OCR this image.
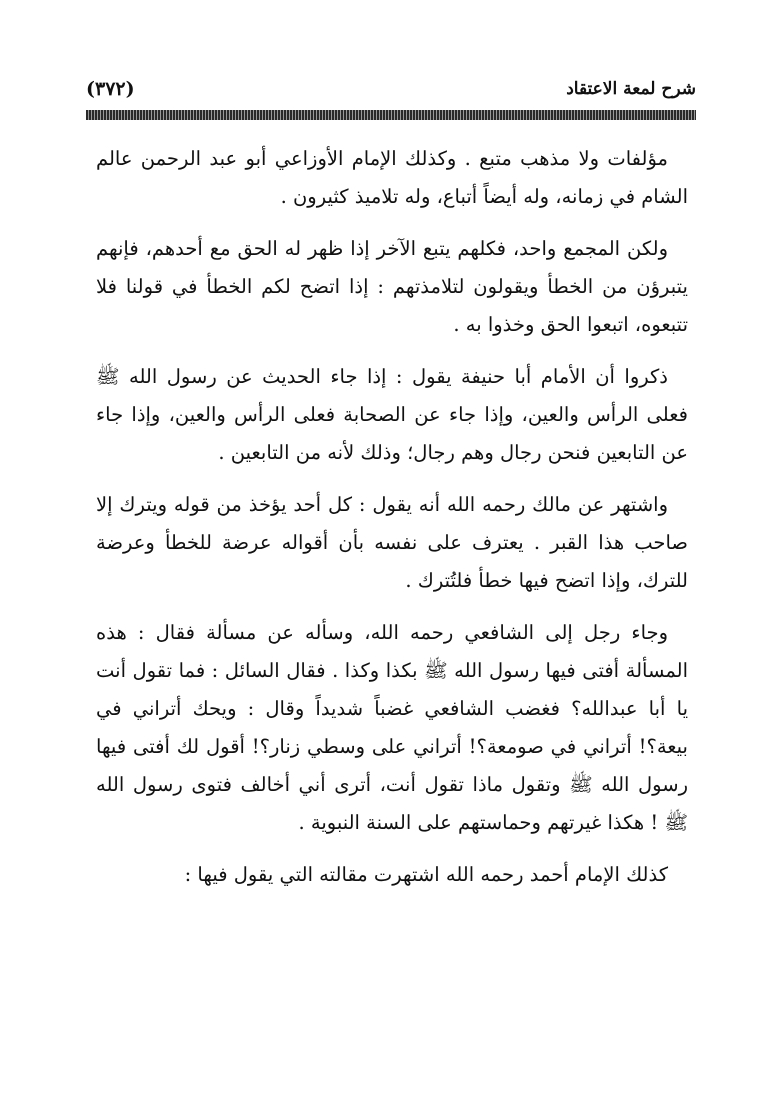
(٣٧٢)	شرح لمعة الاعتقاد

مؤلفات ولا مذهب متبع . وكذلك الإمام الأوزاعي أبو عبد الرحمن عالم الشام في زمانه، وله أيضاً أتباع، وله تلاميذ كثيرون .

ولكن المجمع واحد، فكلهم يتبع الآخر إذا ظهر له الحق مع أحدهم، فإنهم يتبرؤن من الخطأ ويقولون لتلامذتهم : إذا اتضح لكم الخطأ في قولنا فلا تتبعوه، اتبعوا الحق وخذوا به .

ذكروا أن الأمام أبا حنيفة يقول : إذا جاء الحديث عن رسول الله ﷺ فعلى الرأس والعين، وإذا جاء عن الصحابة فعلى الرأس والعين، وإذا جاء عن التابعين فنحن رجال وهم رجال؛ وذلك لأنه من التابعين .

واشتهر عن مالك رحمه الله أنه يقول : كل أحد يؤخذ من قوله ويترك إلا صاحب هذا القبر . يعترف على نفسه بأن أقواله عرضة للخطأ وعرضة للترك، وإذا اتضح فيها خطأ فلتُترك .

وجاء رجل إلى الشافعي رحمه الله، وسأله عن مسألة فقال : هذه المسألة أفتى فيها رسول الله ﷺ بكذا وكذا . فقال السائل : فما تقول أنت يا أبا عبدالله؟ فغضب الشافعي غضباً شديداً وقال : ويحك أتراني في بيعة؟! أتراني في صومعة؟! أتراني على وسطي زنار؟! أقول لك أفتى فيها رسول الله ﷺ وتقول ماذا تقول أنت، أترى أني أخالف فتوى رسول الله ﷺ ! هكذا غيرتهم وحماستهم على السنة النبوية .

كذلك الإمام أحمد رحمه الله اشتهرت مقالته التي يقول فيها :
